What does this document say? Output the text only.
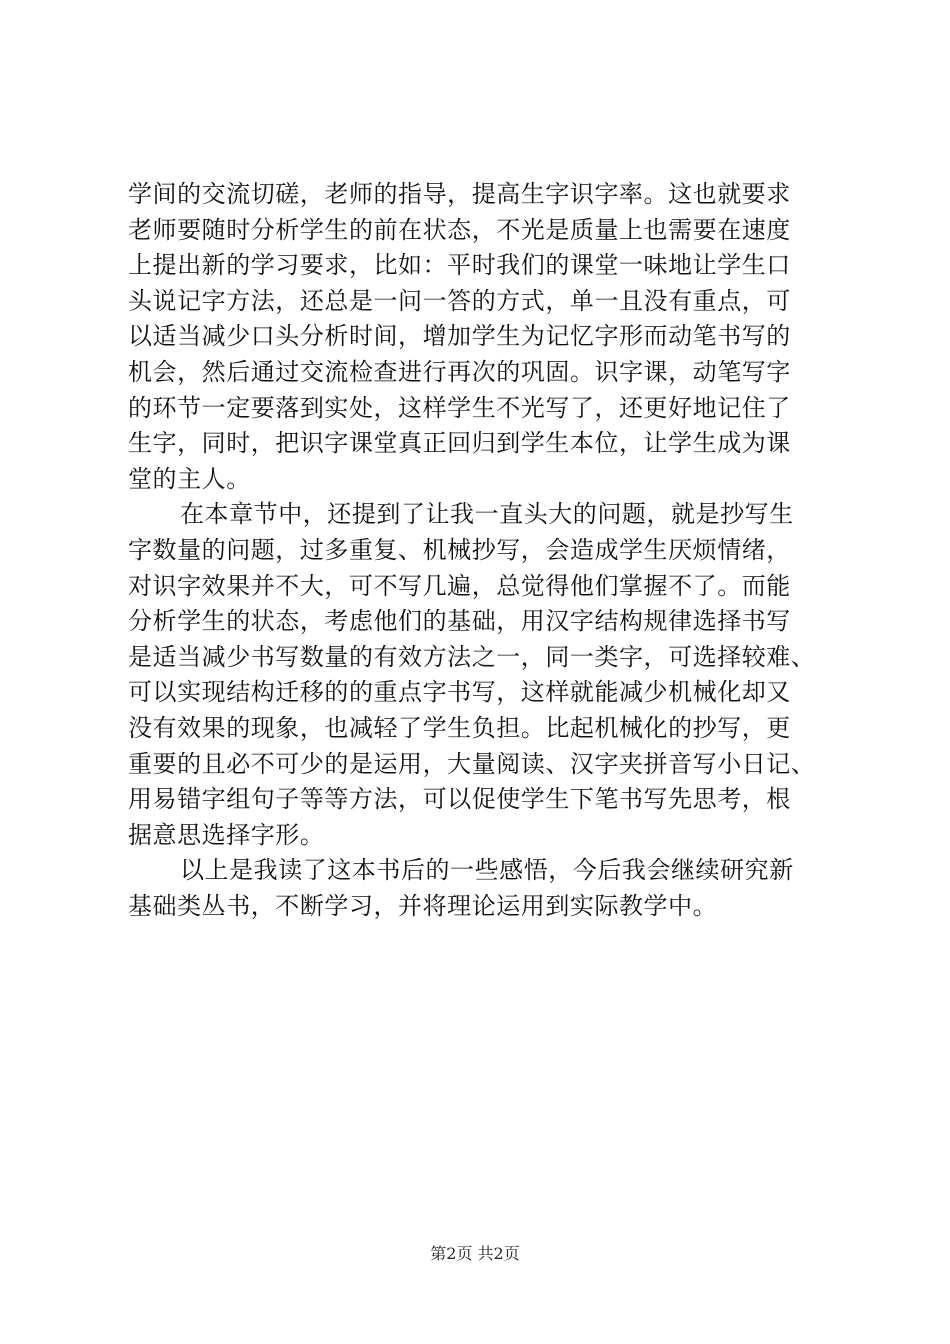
学间的交流切磋，老师的指导，提高生字识字率。这也就要求
老师要随时分析学生的前在状态，不光是质量上也需要在速度
上提出新的学习要求，比如：平时我们的课堂一味地让学生口
头说记字方法，还总是一问一答的方式，单一且没有重点，可
以适当减少口头分析时间，增加学生为记忆字形而动笔书写的
机会，然后通过交流检查进行再次的巩固。识字课，动笔写字
的环节一定要落到实处，这样学生不光写了，还更好地记住了
生字，同时，把识字课堂真正回归到学生本位，让学生成为课
堂的主人。
在本章节中，还提到了让我一直头大的问题，就是抄写生
字数量的问题，过多重复、机械抄写，会造成学生厌烦情绪，
对识字效果并不大，可不写几遍，总觉得他们掌握不了。而能
分析学生的状态，考虑他们的基础，用汉字结构规律选择书写
是适当减少书写数量的有效方法之一，同一类字，可选择较难、
可以实现结构迁移的的重点字书写，这样就能减少机械化却又
没有效果的现象，也减轻了学生负担。比起机械化的抄写，更
重要的且必不可少的是运用，大量阅读、汉字夹拼音写小日记、
用易错字组句子等等方法，可以促使学生下笔书写先思考，根
据意思选择字形。
以上是我读了这本书后的一些感悟，今后我会继续研究新
基础类丛书，不断学习，并将理论运用到实际教学中。
第2页 共2页
